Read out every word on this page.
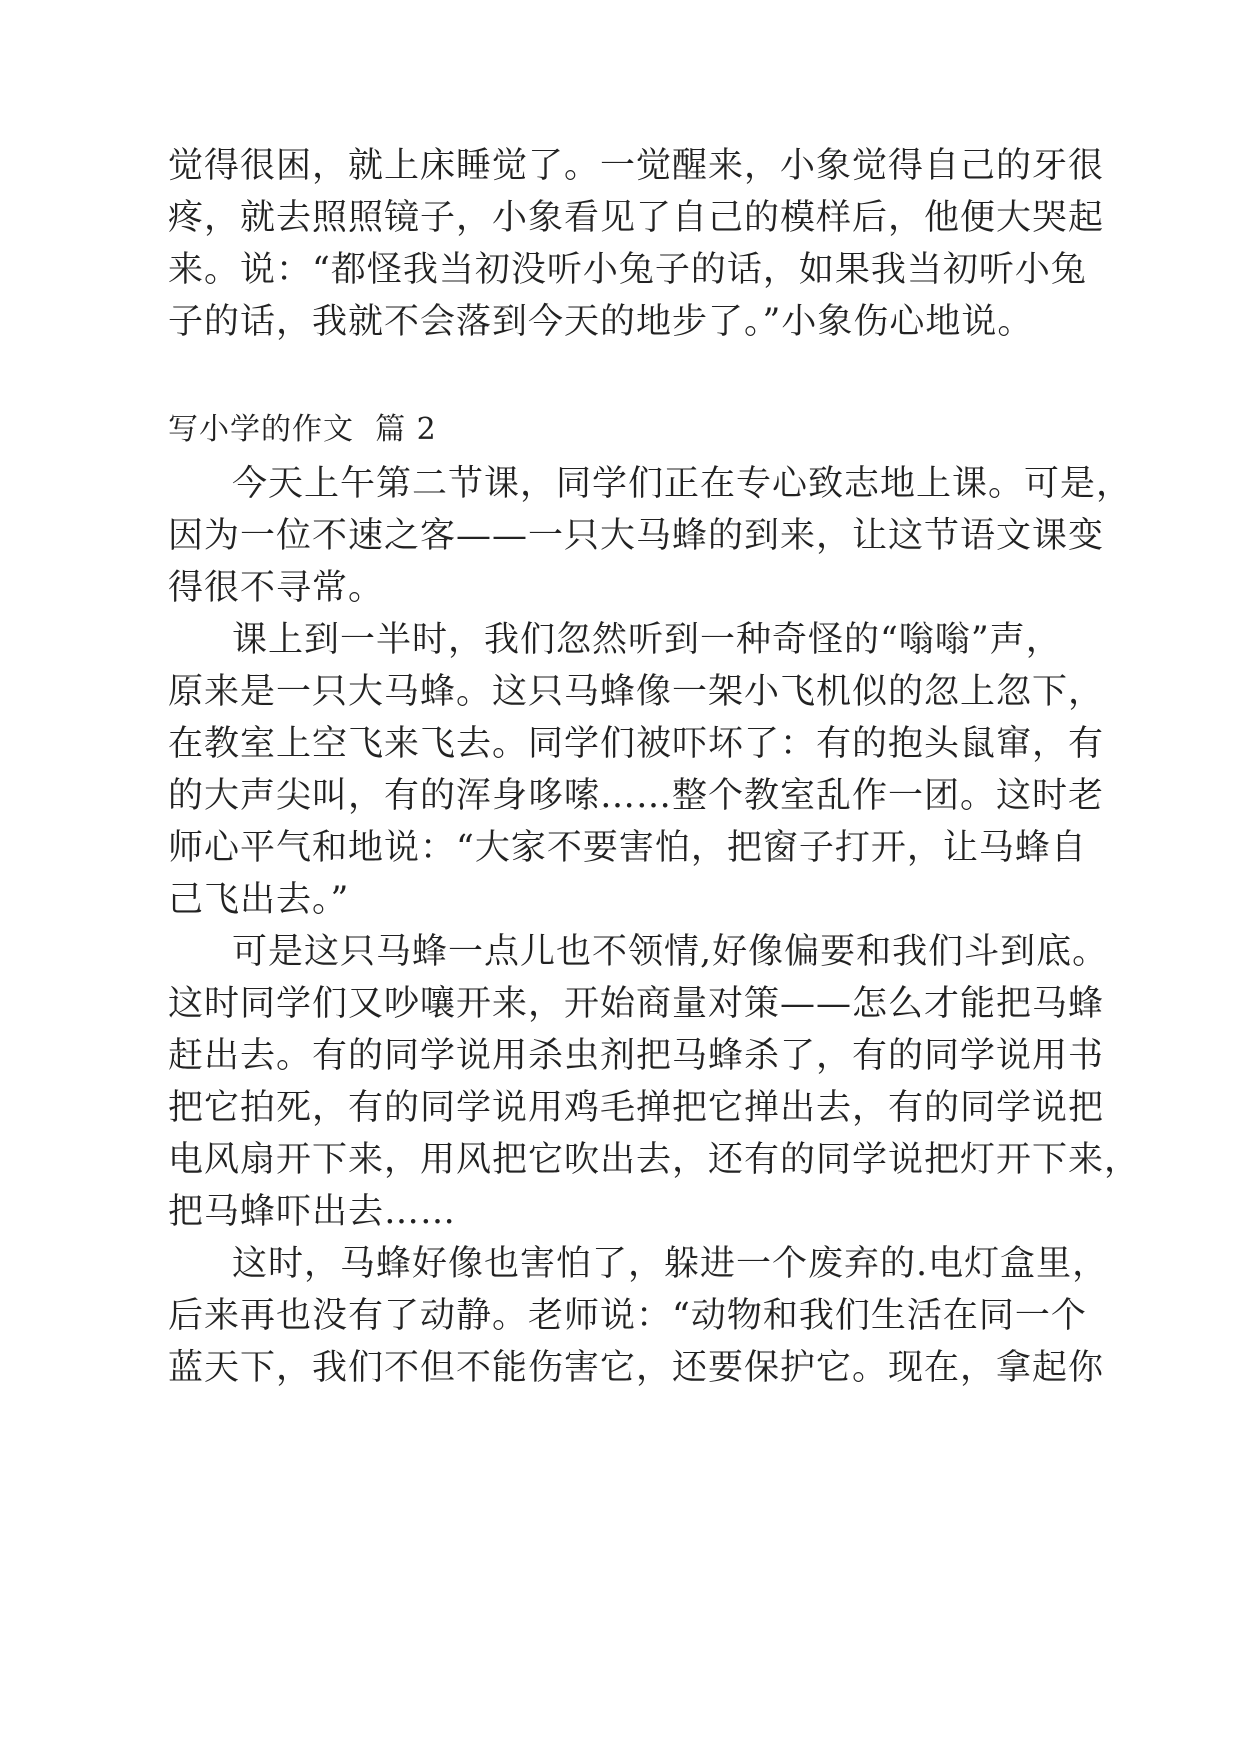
觉得很困，就上床睡觉了。一觉醒来，小象觉得自己的牙很
疼，就去照照镜子，小象看见了自己的模样后，他便大哭起
来。说：“都怪我当初没听小兔子的话，如果我当初听小兔
子的话，我就不会落到今天的地步了。”小象伤心地说。
写小学的作文  篇 2
今天上午第二节课，同学们正在专心致志地上课。可是，
因为一位不速之客——一只大马蜂的到来，让这节语文课变
得很不寻常。
课上到一半时，我们忽然听到一种奇怪的“嗡嗡”声，
原来是一只大马蜂。这只马蜂像一架小飞机似的忽上忽下，
在教室上空飞来飞去。同学们被吓坏了：有的抱头鼠窜，有
的大声尖叫，有的浑身哆嗦……整个教室乱作一团。这时老
师心平气和地说：“大家不要害怕，把窗子打开，让马蜂自
己飞出去。”
可是这只马蜂一点儿也不领情,好像偏要和我们斗到底。
这时同学们又吵嚷开来，开始商量对策——怎么才能把马蜂
赶出去。有的同学说用杀虫剂把马蜂杀了，有的同学说用书
把它拍死，有的同学说用鸡毛掸把它掸出去，有的同学说把
电风扇开下来，用风把它吹出去，还有的同学说把灯开下来，
把马蜂吓出去……
这时，马蜂好像也害怕了，躲进一个废弃的.电灯盒里，
后来再也没有了动静。老师说：“动物和我们生活在同一个
蓝天下，我们不但不能伤害它，还要保护它。现在，拿起你
